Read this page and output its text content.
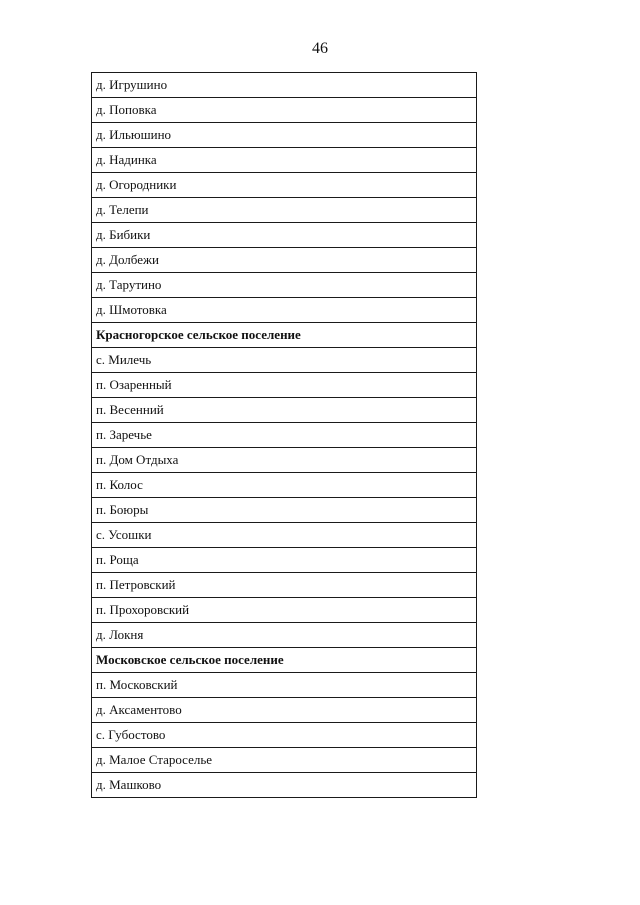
46
д. Игрушино
д. Поповка
д. Ильюшино
д. Надинка
д. Огородники
д. Телепи
д. Бибики
д. Долбежи
д. Тарутино
д. Шмотовка
Красногорское сельское поселение
с. Милечь
п. Озаренный
п. Весенний
п. Заречье
п. Дом Отдыха
п. Колос
п. Боюры
с. Усошки
п. Роща
п. Петровский
п. Прохоровский
д. Локня
Московское сельское поселение
п. Московский
д. Аксаментово
с. Губостово
д. Малое Староселье
д. Машково
